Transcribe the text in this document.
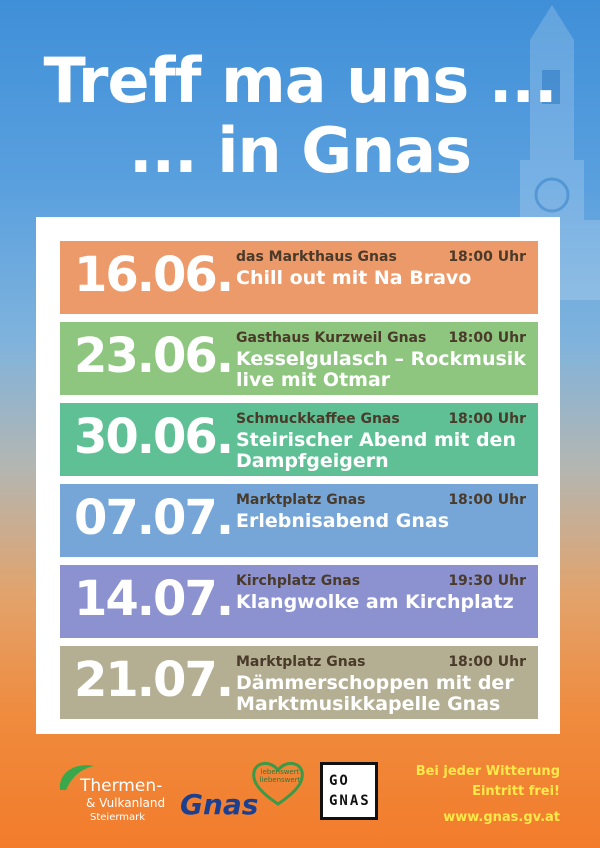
Treff ma uns ...
... in Gnas
16.06. das Markthaus Gnas	18:00 Uhr
Chill out mit Na Bravo
23.06. Gasthaus Kurzweil Gnas 18:00 Uhr
Kesselgulasch – Rockmusik live mit Otmar
30.06. Schmuckkaffee Gnas	18:00 Uhr
Steirischer Abend mit den Dampfgeigern
07.07. Marktplatz Gnas	18:00 Uhr
Erlebnisabend Gnas
14.07. Kirchplatz Gnas	19:30 Uhr
Klangwolke am Kirchplatz
21.07. Marktplatz Gnas	18:00 Uhr
Dämmerschoppen mit der Marktmusikkapelle Gnas
Thermen-
& Vulkanland
Steiermark Gnas
lebenswert liebenswert GO
GNAS
Bei jeder Witterung
Eintritt frei!
www.gnas.gv.at
